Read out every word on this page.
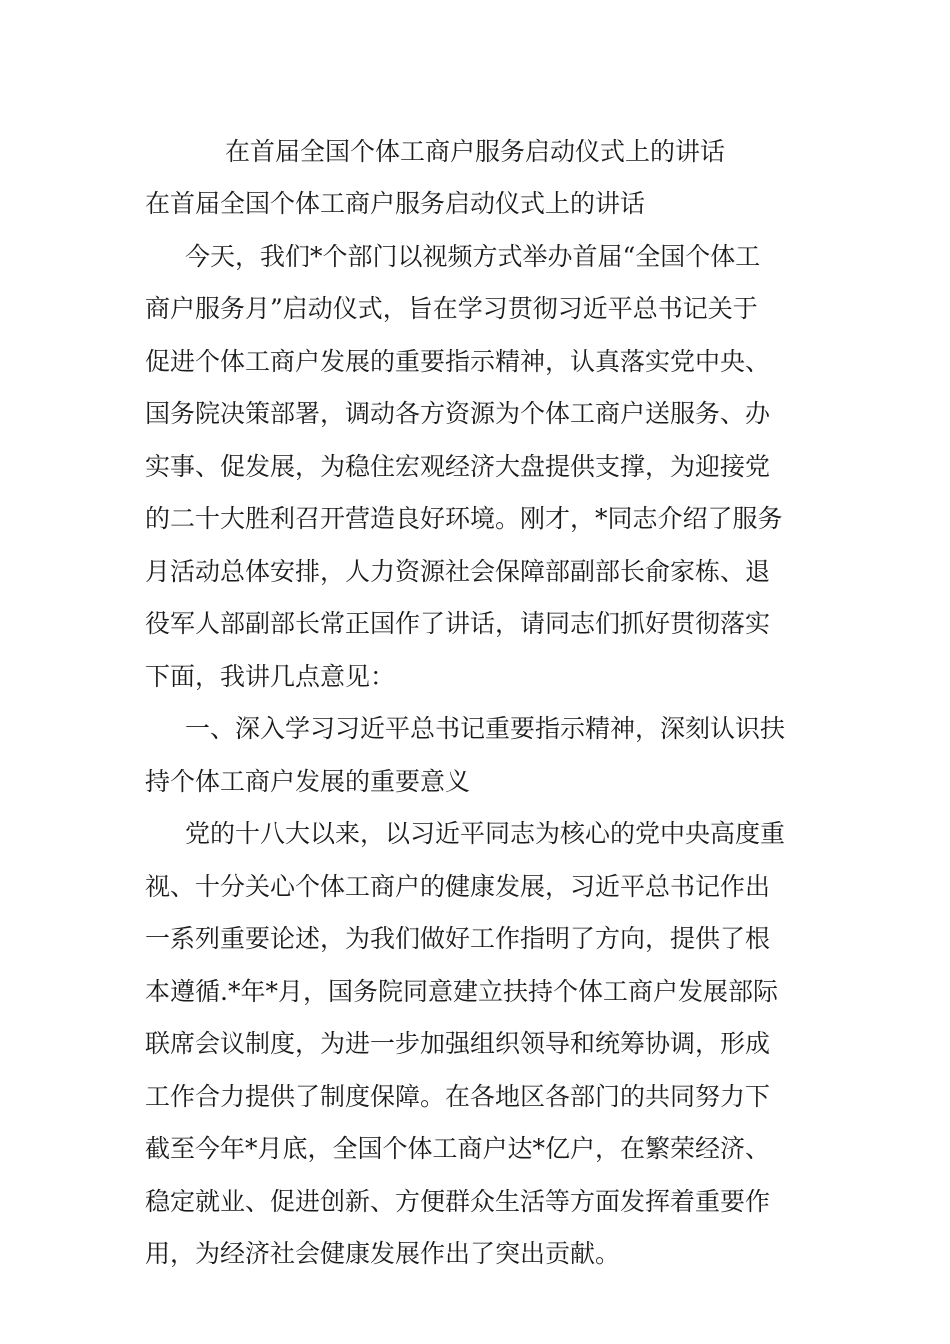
在首届全国个体工商户服务启动仪式上的讲话
在首届全国个体工商户服务启动仪式上的讲话
今天，我们*个部门以视频方式举办首届“全国个体工
商户服务月”启动仪式，旨在学习贯彻习近平总书记关于
促进个体工商户发展的重要指示精神，认真落实党中央、
国务院决策部署，调动各方资源为个体工商户送服务、办
实事、促发展，为稳住宏观经济大盘提供支撑，为迎接党
的二十大胜利召开营造良好环境。刚才，*同志介绍了服务
月活动总体安排，人力资源社会保障部副部长俞家栋、退
役军人部副部长常正国作了讲话，请同志们抓好贯彻落实
下面，我讲几点意见：
一、深入学习习近平总书记重要指示精神，深刻认识扶
持个体工商户发展的重要意义
党的十八大以来，以习近平同志为核心的党中央高度重
视、十分关心个体工商户的健康发展，习近平总书记作出
一系列重要论述，为我们做好工作指明了方向，提供了根
本遵循.*年*月，国务院同意建立扶持个体工商户发展部际
联席会议制度，为进一步加强组织领导和统筹协调，形成
工作合力提供了制度保障。在各地区各部门的共同努力下
截至今年*月底，全国个体工商户达*亿户，在繁荣经济、
稳定就业、促进创新、方便群众生活等方面发挥着重要作
用，为经济社会健康发展作出了突出贡献。
